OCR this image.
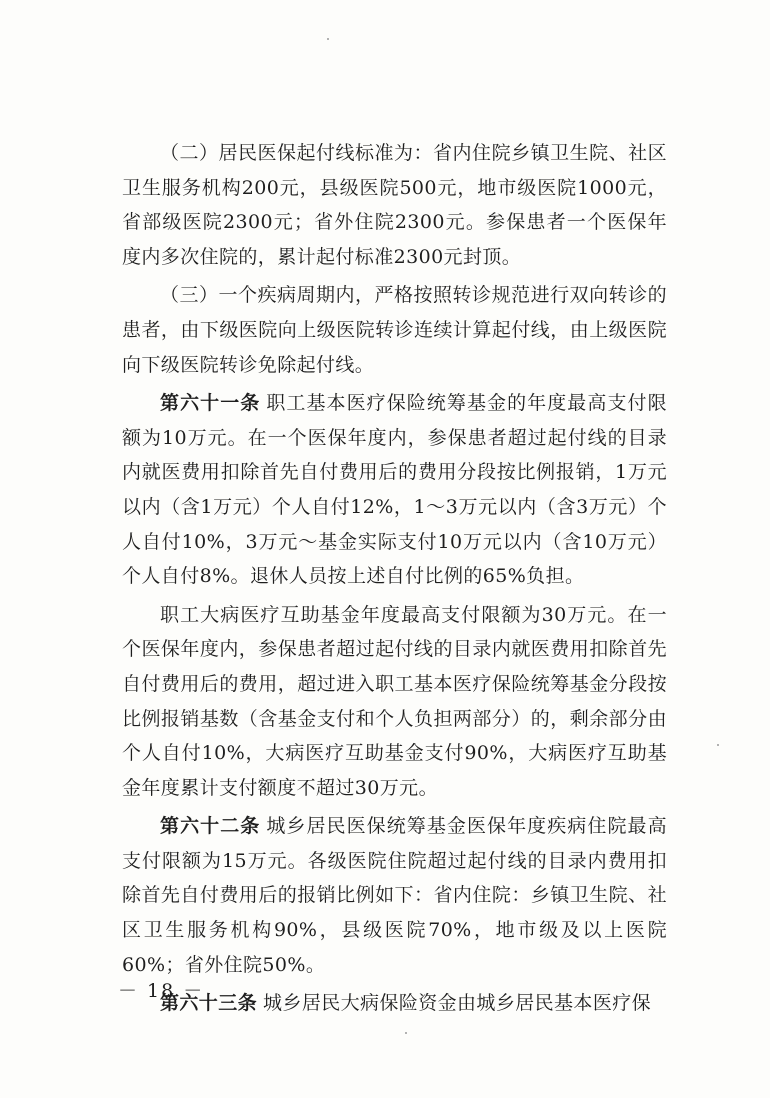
（二）居民医保起付线标准为：省内住院乡镇卫生院、社区卫生服务机构200元，县级医院500元，地市级医院1000元，省部级医院2300元；省外住院2300元。参保患者一个医保年度内多次住院的，累计起付标准2300元封顶。

（三）一个疾病周期内，严格按照转诊规范进行双向转诊的患者，由下级医院向上级医院转诊连续计算起付线，由上级医院向下级医院转诊免除起付线。

第六十一条 职工基本医疗保险统筹基金的年度最高支付限额为10万元。在一个医保年度内，参保患者超过起付线的目录内就医费用扣除首先自付费用后的费用分段按比例报销，1万元以内（含1万元）个人自付12%，1～3万元以内（含3万元）个人自付10%，3万元～基金实际支付10万元以内（含10万元）个人自付8%。退休人员按上述自付比例的65%负担。

职工大病医疗互助基金年度最高支付限额为30万元。在一个医保年度内，参保患者超过起付线的目录内就医费用扣除首先自付费用后的费用，超过进入职工基本医疗保险统筹基金分段按比例报销基数（含基金支付和个人负担两部分）的，剩余部分由个人自付10%，大病医疗互助基金支付90%，大病医疗互助基金年度累计支付额度不超过30万元。

第六十二条 城乡居民医保统筹基金医保年度疾病住院最高支付限额为15万元。各级医院住院超过起付线的目录内费用扣除首先自付费用后的报销比例如下：省内住院：乡镇卫生院、社区卫生服务机构90%，县级医院70%，地市级及以上医院60%；省外住院50%。

第六十三条 城乡居民大病保险资金由城乡居民基本医疗保

－ 18 －
